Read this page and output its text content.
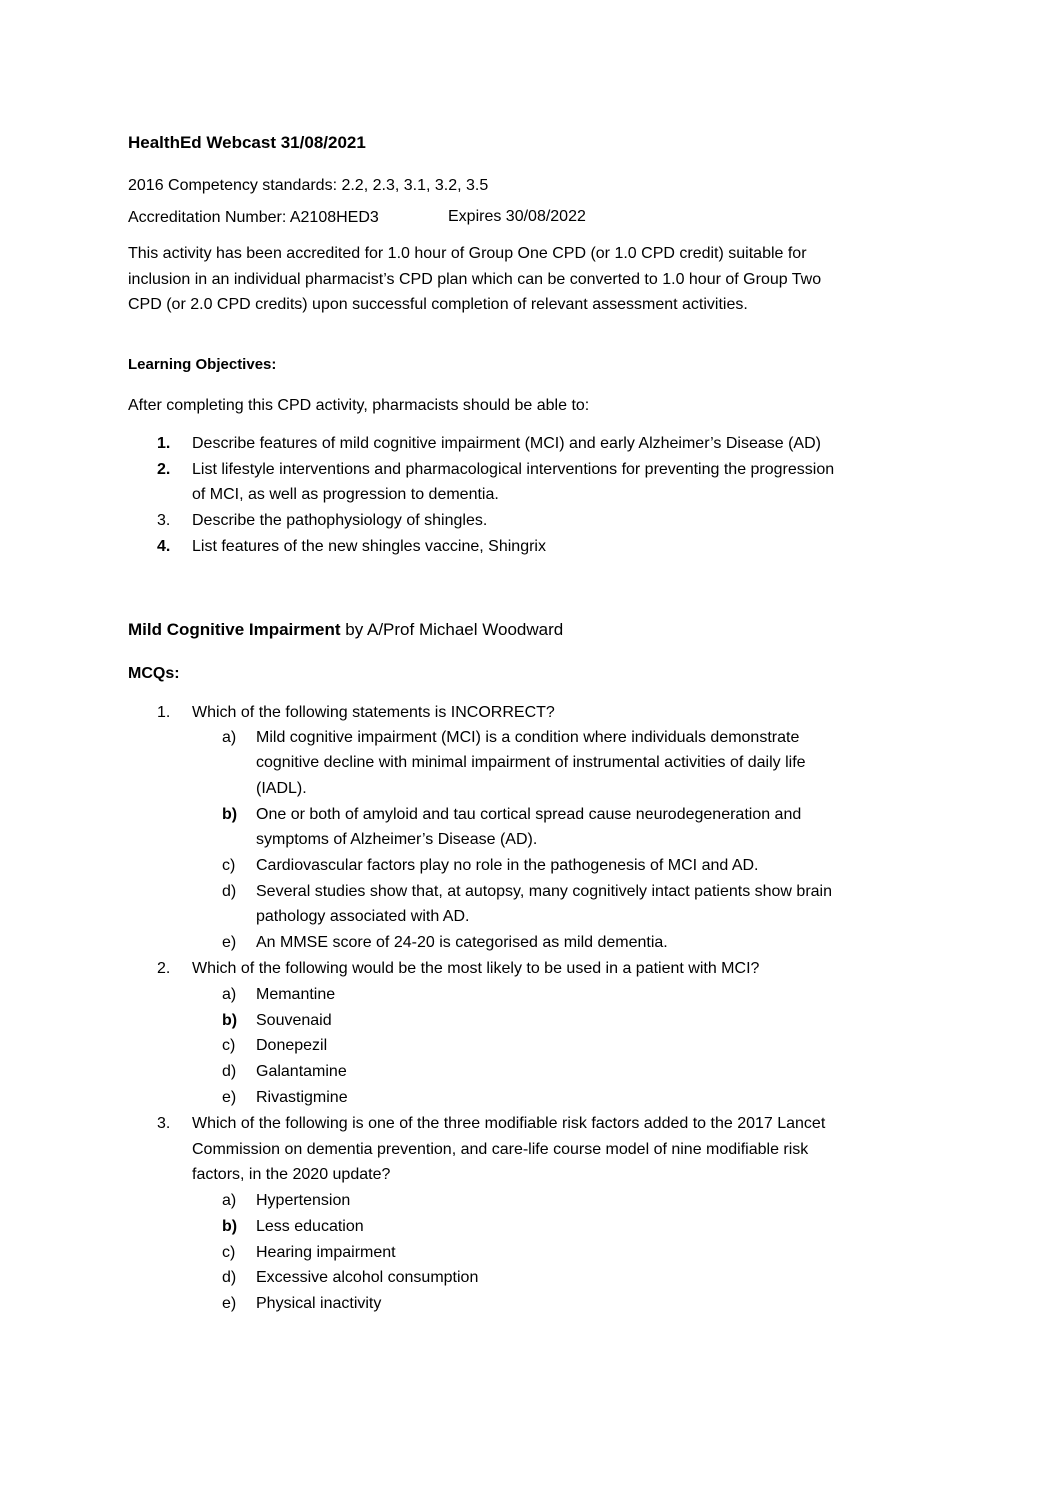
HealthEd Webcast 31/08/2021
2016 Competency standards: 2.2, 2.3, 3.1, 3.2, 3.5
Accreditation Number: A2108HED3	Expires 30/08/2022
This activity has been accredited for 1.0 hour of Group One CPD (or 1.0 CPD credit) suitable for
inclusion in an individual pharmacist’s CPD plan which can be converted to 1.0 hour of Group Two
CPD (or 2.0 CPD credits) upon successful completion of relevant assessment activities.
Learning Objectives:
After completing this CPD activity, pharmacists should be able to:
1.	Describe features of mild cognitive impairment (MCI) and early Alzheimer’s Disease (AD)
2.	List lifestyle interventions and pharmacological interventions for preventing the progression
of MCI, as well as progression to dementia.
3.	Describe the pathophysiology of shingles.
4.	List features of the new shingles vaccine, Shingrix
Mild Cognitive Impairment by A/Prof Michael Woodward
MCQs:
1.	Which of the following statements is INCORRECT?
a)	Mild cognitive impairment (MCI) is a condition where individuals demonstrate
cognitive decline with minimal impairment of instrumental activities of daily life
(IADL).
b)	One or both of amyloid and tau cortical spread cause neurodegeneration and
symptoms of Alzheimer’s Disease (AD).
c)	Cardiovascular factors play no role in the pathogenesis of MCI and AD.
d)	Several studies show that, at autopsy, many cognitively intact patients show brain
pathology associated with AD.
e)	An MMSE score of 24-20 is categorised as mild dementia.
2.	Which of the following would be the most likely to be used in a patient with MCI?
a)	Memantine
b)	Souvenaid
c)	Donepezil
d)	Galantamine
e)	Rivastigmine
3.	Which of the following is one of the three modifiable risk factors added to the 2017 Lancet
Commission on dementia prevention, and care-life course model of nine modifiable risk
factors, in the 2020 update?
a)	Hypertension
b)	Less education
c)	Hearing impairment
d)	Excessive alcohol consumption
e)	Physical inactivity
